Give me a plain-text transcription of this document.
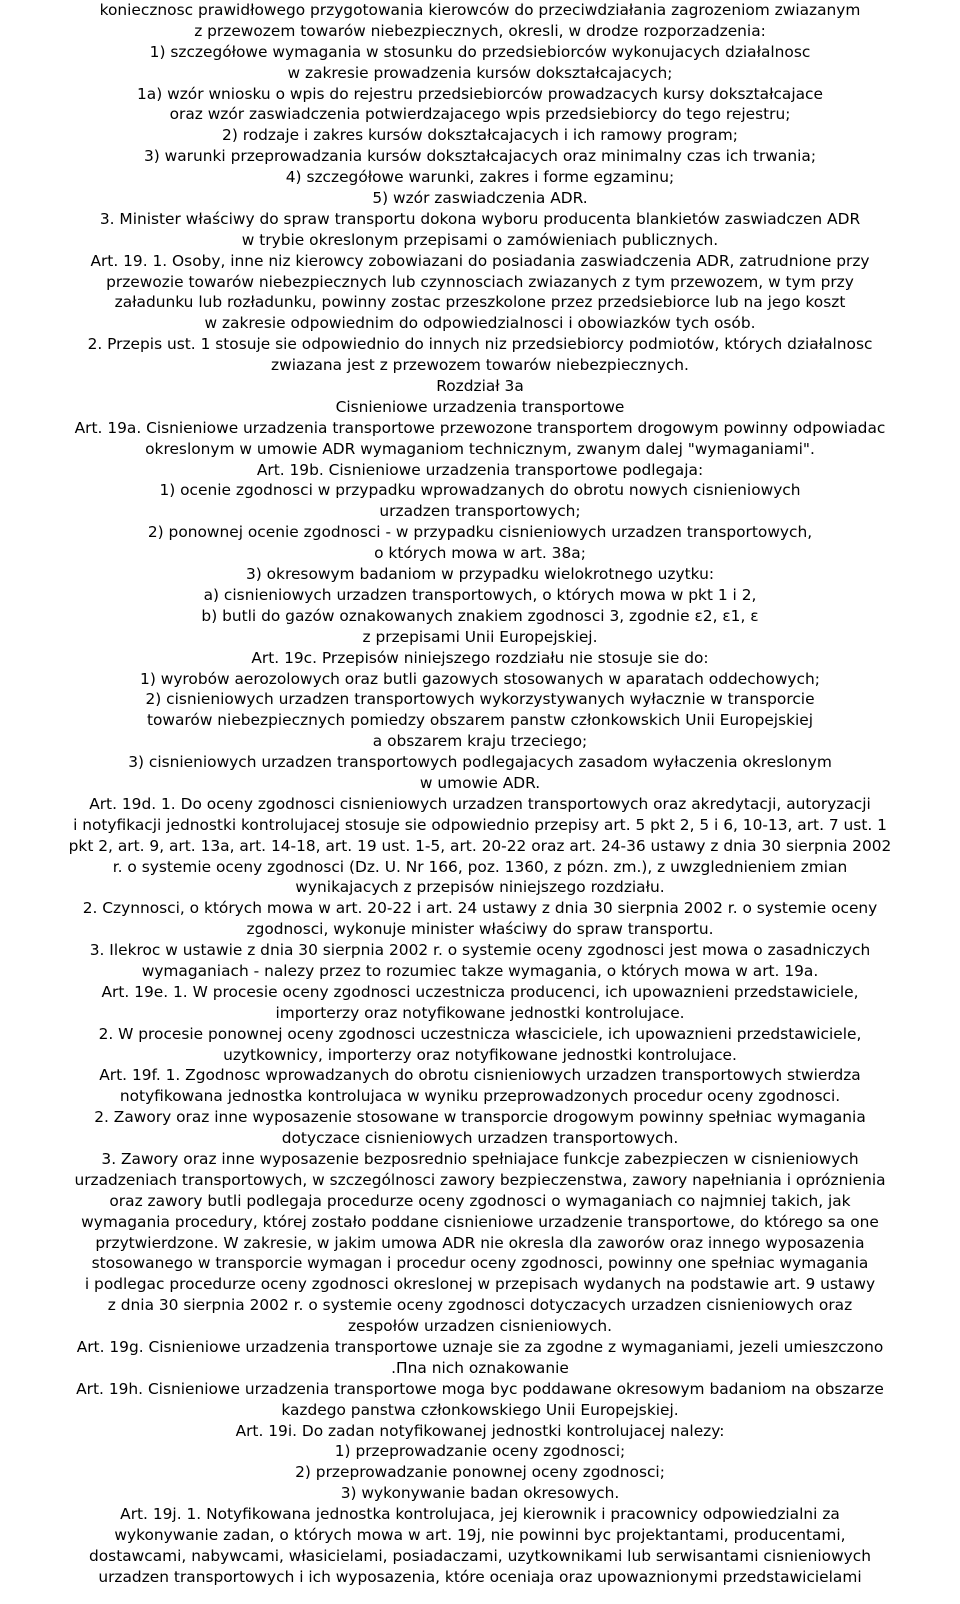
koniecznosc prawidłowego przygotowania kierowców do przeciwdziałania zagrozeniom zwiazanym
z przewozem towarów niebezpiecznych, okresli, w drodze rozporzadzenia:
1) szczegółowe wymagania w stosunku do przedsiebiorców wykonujacych działalnosc
w zakresie prowadzenia kursów dokształcajacych;
1a) wzór wniosku o wpis do rejestru przedsiebiorców prowadzacych kursy dokształcajace
oraz wzór zaswiadczenia potwierdzajacego wpis przedsiebiorcy do tego rejestru;
2) rodzaje i zakres kursów dokształcajacych i ich ramowy program;
3) warunki przeprowadzania kursów dokształcajacych oraz minimalny czas ich trwania;
4) szczegółowe warunki, zakres i forme egzaminu;
5) wzór zaswiadczenia ADR.
3. Minister właściwy do spraw transportu dokona wyboru producenta blankietów zaswiadczen ADR
w trybie okreslonym przepisami o zamówieniach publicznych.
Art. 19. 1. Osoby, inne niz kierowcy zobowiazani do posiadania zaswiadczenia ADR, zatrudnione przy
przewozie towarów niebezpiecznych lub czynnosciach zwiazanych z tym przewozem, w tym przy
załadunku lub rozładunku, powinny zostac przeszkolone przez przedsiebiorce lub na jego koszt
w zakresie odpowiednim do odpowiedzialnosci i obowiazków tych osób.
2. Przepis ust. 1 stosuje sie odpowiednio do innych niz przedsiebiorcy podmiotów, których działalnosc
zwiazana jest z przewozem towarów niebezpiecznych.
Rozdział 3a
Cisnieniowe urzadzenia transportowe
Art. 19a. Cisnieniowe urzadzenia transportowe przewozone transportem drogowym powinny odpowiadac
okreslonym w umowie ADR wymaganiom technicznym, zwanym dalej "wymaganiami".
Art. 19b. Cisnieniowe urzadzenia transportowe podlegaja:
1) ocenie zgodnosci w przypadku wprowadzanych do obrotu nowych cisnieniowych
urzadzen transportowych;
2) ponownej ocenie zgodnosci - w przypadku cisnieniowych urzadzen transportowych,
o których mowa w art. 38a;
3) okresowym badaniom w przypadku wielokrotnego uzytku:
a) cisnieniowych urzadzen transportowych, o których mowa w pkt 1 i 2,
b) butli do gazów oznakowanych znakiem zgodnosci 3, zgodnie ε2, ε1, ε
z przepisami Unii Europejskiej.
Art. 19c. Przepisów niniejszego rozdziału nie stosuje sie do:
1) wyrobów aerozolowych oraz butli gazowych stosowanych w aparatach oddechowych;
2) cisnieniowych urzadzen transportowych wykorzystywanych wyłacznie w transporcie
towarów niebezpiecznych pomiedzy obszarem panstw członkowskich Unii Europejskiej
a obszarem kraju trzeciego;
3) cisnieniowych urzadzen transportowych podlegajacych zasadom wyłaczenia okreslonym
w umowie ADR.
Art. 19d. 1. Do oceny zgodnosci cisnieniowych urzadzen transportowych oraz akredytacji, autoryzacji
i notyfikacji jednostki kontrolujacej stosuje sie odpowiednio przepisy art. 5 pkt 2, 5 i 6, 10-13, art. 7 ust. 1
pkt 2, art. 9, art. 13a, art. 14-18, art. 19 ust. 1-5, art. 20-22 oraz art. 24-36 ustawy z dnia 30 sierpnia 2002
r. o systemie oceny zgodnosci (Dz. U. Nr 166, poz. 1360, z pózn. zm.), z uwzglednieniem zmian
wynikajacych z przepisów niniejszego rozdziału.
2. Czynnosci, o których mowa w art. 20-22 i art. 24 ustawy z dnia 30 sierpnia 2002 r. o systemie oceny
zgodnosci, wykonuje minister właściwy do spraw transportu.
3. Ilekroc w ustawie z dnia 30 sierpnia 2002 r. o systemie oceny zgodnosci jest mowa o zasadniczych
wymaganiach - nalezy przez to rozumiec takze wymagania, o których mowa w art. 19a.
Art. 19e. 1. W procesie oceny zgodnosci uczestnicza producenci, ich upowaznieni przedstawiciele,
importerzy oraz notyfikowane jednostki kontrolujace.
2. W procesie ponownej oceny zgodnosci uczestnicza własciciele, ich upowaznieni przedstawiciele,
uzytkownicy, importerzy oraz notyfikowane jednostki kontrolujace.
Art. 19f. 1. Zgodnosc wprowadzanych do obrotu cisnieniowych urzadzen transportowych stwierdza
notyfikowana jednostka kontrolujaca w wyniku przeprowadzonych procedur oceny zgodnosci.
2. Zawory oraz inne wyposazenie stosowane w transporcie drogowym powinny spełniac wymagania
dotyczace cisnieniowych urzadzen transportowych.
3. Zawory oraz inne wyposazenie bezposrednio spełniajace funkcje zabezpieczen w cisnieniowych
urzadzeniach transportowych, w szczególnosci zawory bezpieczenstwa, zawory napełniania i opróznienia
oraz zawory butli podlegaja procedurze oceny zgodnosci o wymaganiach co najmniej takich, jak
wymagania procedury, której zostało poddane cisnieniowe urzadzenie transportowe, do którego sa one
przytwierdzone. W zakresie, w jakim umowa ADR nie okresla dla zaworów oraz innego wyposazenia
stosowanego w transporcie wymagan i procedur oceny zgodnosci, powinny one spełniac wymagania
i podlegac procedurze oceny zgodnosci okreslonej w przepisach wydanych na podstawie art. 9 ustawy
z dnia 30 sierpnia 2002 r. o systemie oceny zgodnosci dotyczacych urzadzen cisnieniowych oraz
zespołów urzadzen cisnieniowych.
Art. 19g. Cisnieniowe urzadzenia transportowe uznaje sie za zgodne z wymaganiami, jezeli umieszczono
.Πna nich oznakowanie
Art. 19h. Cisnieniowe urzadzenia transportowe moga byc poddawane okresowym badaniom na obszarze
kazdego panstwa członkowskiego Unii Europejskiej.
Art. 19i. Do zadan notyfikowanej jednostki kontrolujacej nalezy:
1) przeprowadzanie oceny zgodnosci;
2) przeprowadzanie ponownej oceny zgodnosci;
3) wykonywanie badan okresowych.
Art. 19j. 1. Notyfikowana jednostka kontrolujaca, jej kierownik i pracownicy odpowiedzialni za
wykonywanie zadan, o których mowa w art. 19j, nie powinni byc projektantami, producentami,
dostawcami, nabywcami, własicielami, posiadaczami, uzytkownikami lub serwisantami cisnieniowych
urzadzen transportowych i ich wyposazenia, które oceniaja oraz upowaznionymi przedstawicielami
